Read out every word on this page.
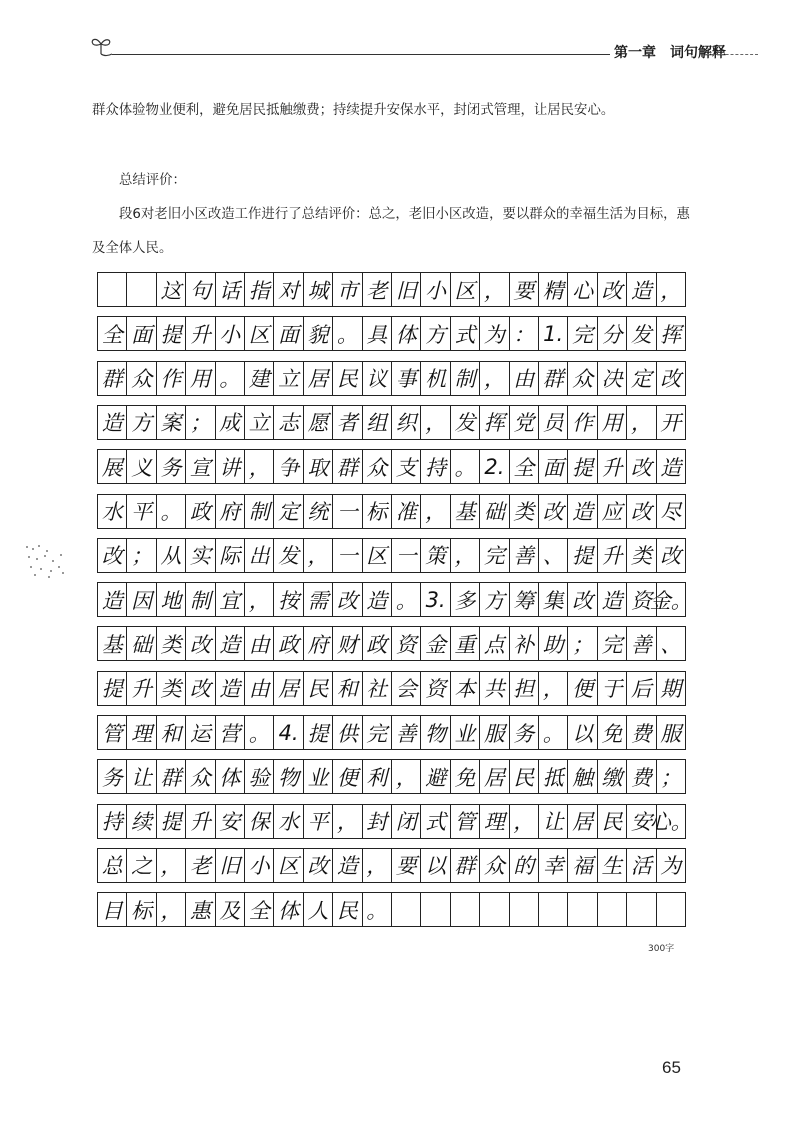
第一章 词句解释

群众体验物业便利，避免居民抵触缴费；持续提升安保水平，封闭式管理，让居民安心。

总结评价：

段6对老旧小区改造工作进行了总结评价：总之，老旧小区改造，要以群众的幸福生活为目标，惠及全体人民。

这 句 话 指 对 城 市 老 旧 小 区 ， 要 精 心 改 造 ，
全 面 提 升 小 区 面 貌 。 具 体 方 式 为 ： 1. 完 分 发 挥
群 众 作 用 。 建 立 居 民 议 事 机 制 ， 由 群 众 决 定 改
造 方 案 ； 成 立 志 愿 者 组 织 ， 发 挥 党 员 作 用 ， 开
展 义 务 宣 讲 ， 争 取 群 众 支 持 。 2. 全 面 提 升 改 造
水 平 。 政 府 制 定 统 一 标 准 ， 基 础 类 改 造 应 改 尽
改 ； 从 实 际 出 发 ， 一 区 一 策 ， 完 善 、 提 升 类 改
造 因 地 制 宜 ， 按 需 改 造 。 3. 多 方 筹 集 改 造 资
金。
基 础 类 改 造 由 政 府 财 政 资 金 重 点 补 助 ； 完 善 、
提 升 类 改 造 由 居 民 和 社 会 资 本 共 担 ， 便 于 后 期
管 理 和 运 营 。 4. 提 供 完 善 物 业 服 务 。 以 免 费 服
务 让 群 众 体 验 物 业 便 利 ， 避 免 居 民 抵 触 缴 费 ；
持 续 提 升 安 保 水 平 ， 封 闭 式 管 理 ， 让 居 民 安
心。
总 之 ， 老 旧 小 区 改 造 ， 要 以 群 众 的 幸 福 生 活 为
目 标 ， 惠 及 全 体 人 民 。
300字
65
